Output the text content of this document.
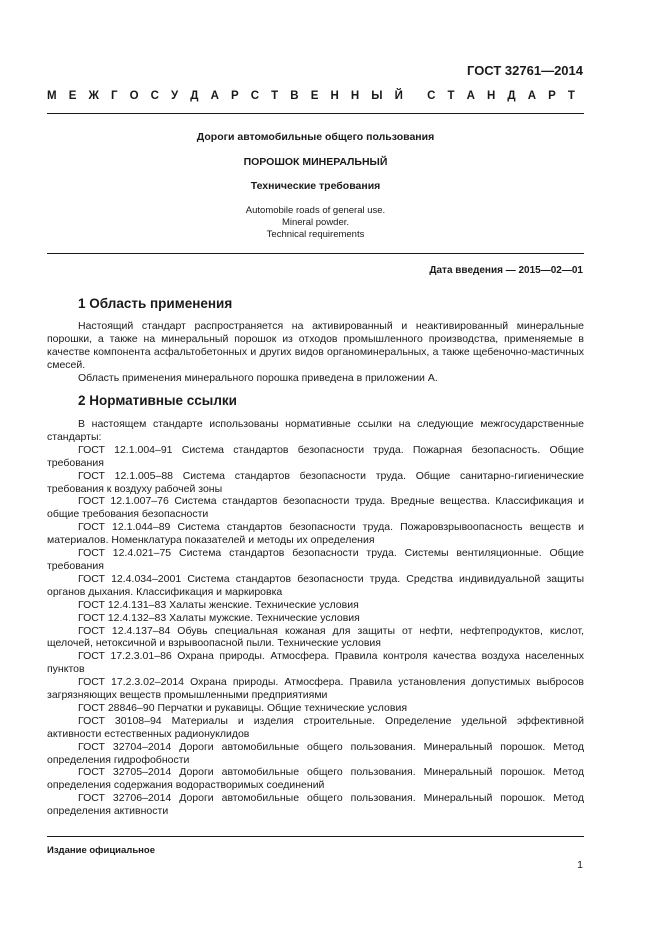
ГОСТ 32761—2014
М Е Ж Г О С У Д А Р С Т В Е Н Н Ы Й С Т А Н Д А Р Т
Дороги автомобильные общего пользования
ПОРОШОК МИНЕРАЛЬНЫЙ
Технические требования
Automobile roads of general use.
Mineral powder.
Technical requirements
Дата введения — 2015—02—01
1 Область применения

Настоящий стандарт распространяется на активированный и неактивированный минеральные порошки, а также на минеральный порошок из отходов промышленного производства, применяемые в качестве компонента асфальтобетонных и других видов органоминеральных, а также щебеночно-мастичных смесей.

Область применения минерального порошка приведена в приложении А.

2 Нормативные ссылки

В настоящем стандарте использованы нормативные ссылки на следующие межгосударственные стандарты:

ГОСТ 12.1.004–91 Система стандартов безопасности труда. Пожарная безопасность. Общие требования

ГОСТ 12.1.005–88 Система стандартов безопасности труда. Общие санитарно-гигиенические требования к воздуху рабочей зоны

ГОСТ 12.1.007–76 Система стандартов безопасности труда. Вредные вещества. Классификация и общие требования безопасности

ГОСТ 12.1.044–89 Система стандартов безопасности труда. Пожаровзрывоопасность веществ и материалов. Номенклатура показателей и методы их определения

ГОСТ 12.4.021–75 Система стандартов безопасности труда. Системы вентиляционные. Общие требования

ГОСТ 12.4.034–2001 Система стандартов безопасности труда. Средства индивидуальной защиты органов дыхания. Классификация и маркировка

ГОСТ 12.4.131–83 Халаты женские. Технические условия

ГОСТ 12.4.132–83 Халаты мужские. Технические условия

ГОСТ 12.4.137–84 Обувь специальная кожаная для защиты от нефти, нефтепродуктов, кислот, щелочей, нетоксичной и взрывоопасной пыли. Технические условия

ГОСТ 17.2.3.01–86 Охрана природы. Атмосфера. Правила контроля качества воздуха населенных пунктов

ГОСТ 17.2.3.02–2014 Охрана природы. Атмосфера. Правила установления допустимых выбросов загрязняющих веществ промышленными предприятиями

ГОСТ 28846–90 Перчатки и рукавицы. Общие технические условия

ГОСТ 30108–94 Материалы и изделия строительные. Определение удельной эффективной активности естественных радионуклидов

ГОСТ 32704–2014 Дороги автомобильные общего пользования. Минеральный порошок. Метод определения гидрофобности

ГОСТ 32705–2014 Дороги автомобильные общего пользования. Минеральный порошок. Метод определения содержания водорастворимых соединений

ГОСТ 32706–2014 Дороги автомобильные общего пользования. Минеральный порошок. Метод определения активности

Издание официальное
1
